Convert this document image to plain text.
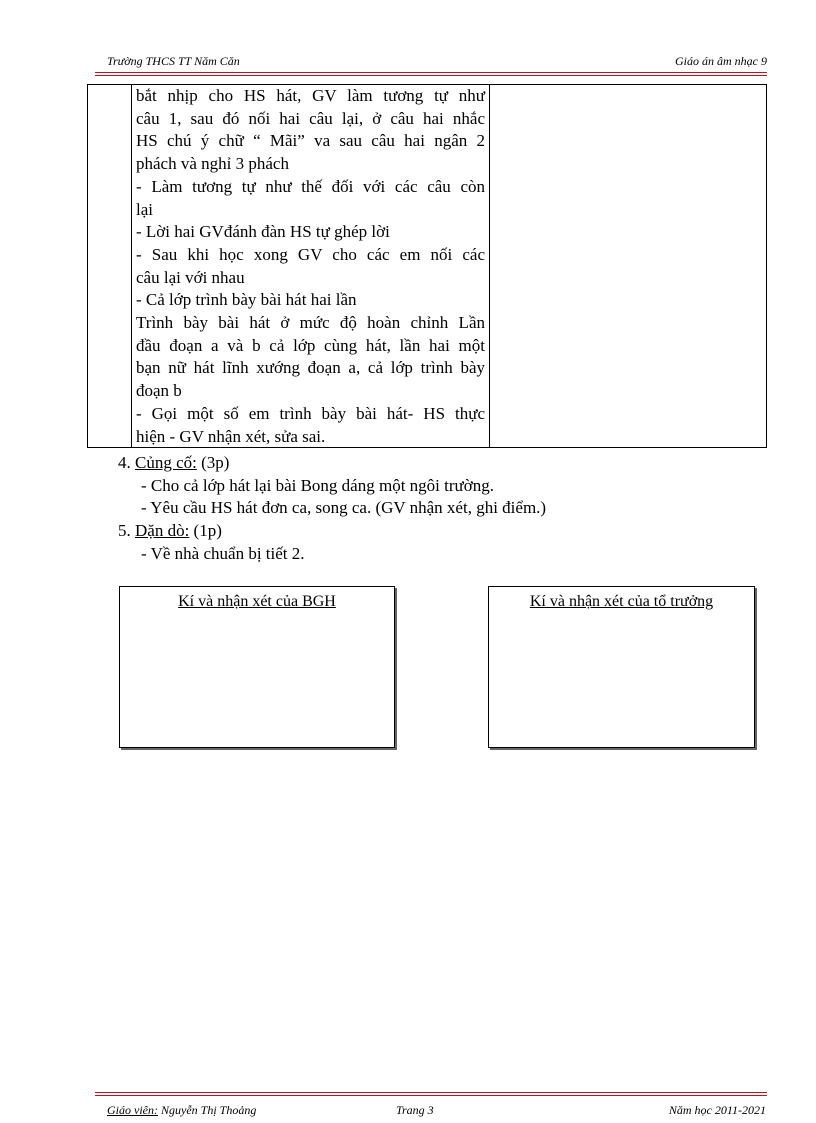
Trường THCS TT Năm Căn	Giáo án âm nhạc 9

bắt nhịp cho HS hát, GV làm tương tự như

câu 1, sau đó nối hai câu lại, ở câu hai nhắc

HS chú ý chữ “ Mãi” va sau câu hai ngân 2

phách và nghỉ 3 phách

- Làm tương tự như thế đối với các câu còn

lại

- Lời hai GVđánh đàn HS tự ghép lời

- Sau khi học xong GV cho các em nối các

câu lại với nhau

- Cả lớp trình bày bài hát hai lần

Trình bày bài hát ở mức độ hoàn chỉnh Lần

đầu đoạn a và b cả lớp cùng hát, lần hai một

bạn nữ hát lĩnh xướng đoạn a, cả lớp trình bày

đoạn b

- Gọi một số em trình bày bài hát- HS thực

hiện - GV nhận xét, sửa sai.

4. Củng cố: (3p)
- Cho cả lớp hát lại bài Bong dáng một ngôi trường.
- Yêu cầu HS hát đơn ca, song ca. (GV nhận xét, ghi điểm.)
5. Dặn dò: (1p)
- Về nhà chuẩn bị tiết 2.
Kí và nhận xét của BGH	Kí và nhận xét của tổ trưởng
Giáo viên: Nguyễn Thị Thoảng	Trang 3	Năm học 2011-2021
